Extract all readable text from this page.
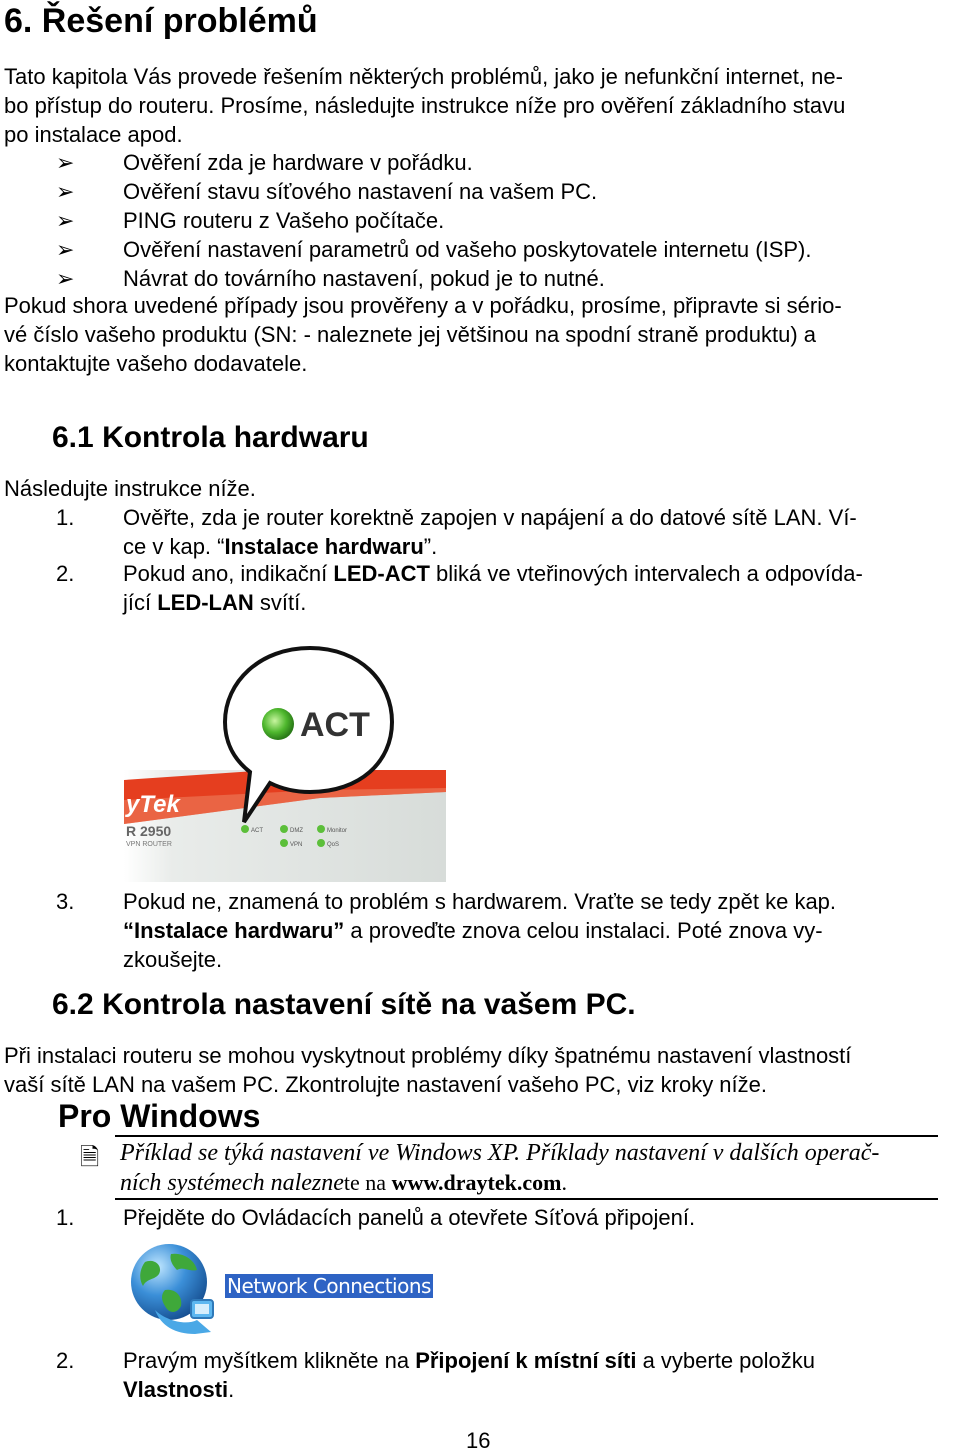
6. Řešení problémů
Tato kapitola Vás provede řešením některých problémů, jako je nefunkční internet, ne-
bo přístup do routeru. Prosíme, následujte instrukce níže pro ověření základního stavu
po instalace apod.
➢	Ověření zda je hardware v pořádku.
➢	Ověření stavu síťového nastavení na vašem PC.
➢	PING routeru z Vašeho počítače.
➢	Ověření nastavení parametrů od vašeho poskytovatele internetu (ISP).
➢	Návrat do továrního nastavení, pokud je to nutné.
Pokud shora uvedené případy jsou prověřeny a v pořádku, prosíme, připravte si sério-
vé číslo vašeho produktu (SN: - naleznete jej většinou na spodní straně produktu) a
kontaktujte vašeho dodavatele.
6.1 Kontrola hardwaru
Následujte instrukce níže.
1. Ověřte, zda je router korektně zapojen v napájení a do datové sítě LAN. Ví-
ce v kap. “Instalace hardwaru”.
2. Pokud ano, indikační LED-ACT bliká ve vteřinových intervalech a odpovída-
jící LED-LAN svítí.
yTek
R 2950
VPN ROUTER
ACT	DMZ	Monitor
VPN	QoS
ACT
3. Pokud ne, znamená to problém s hardwarem. Vraťte se tedy zpět ke kap.
“Instalace hardwaru” a proveďte znova celou instalaci. Poté znova vy-
zkoušejte.
6.2 Kontrola nastavení sítě na vašem PC.
Při instalaci routeru se mohou vyskytnout problémy díky špatnému nastavení vlastností
vaší sítě LAN na vašem PC. Zkontrolujte nastavení vašeho PC, viz kroky níže.
Pro Windows
🗎 Příklad se týká nastavení ve Windows XP. Příklady nastavení v dalších operač-
ních systémech naleznete na www.draytek.com.
1. Přejděte do Ovládacích panelů a otevřete Síťová připojení.
Network Connections
2. Pravým myšítkem klikněte na Připojení k místní síti a vyberte položku
Vlastnosti.
16
